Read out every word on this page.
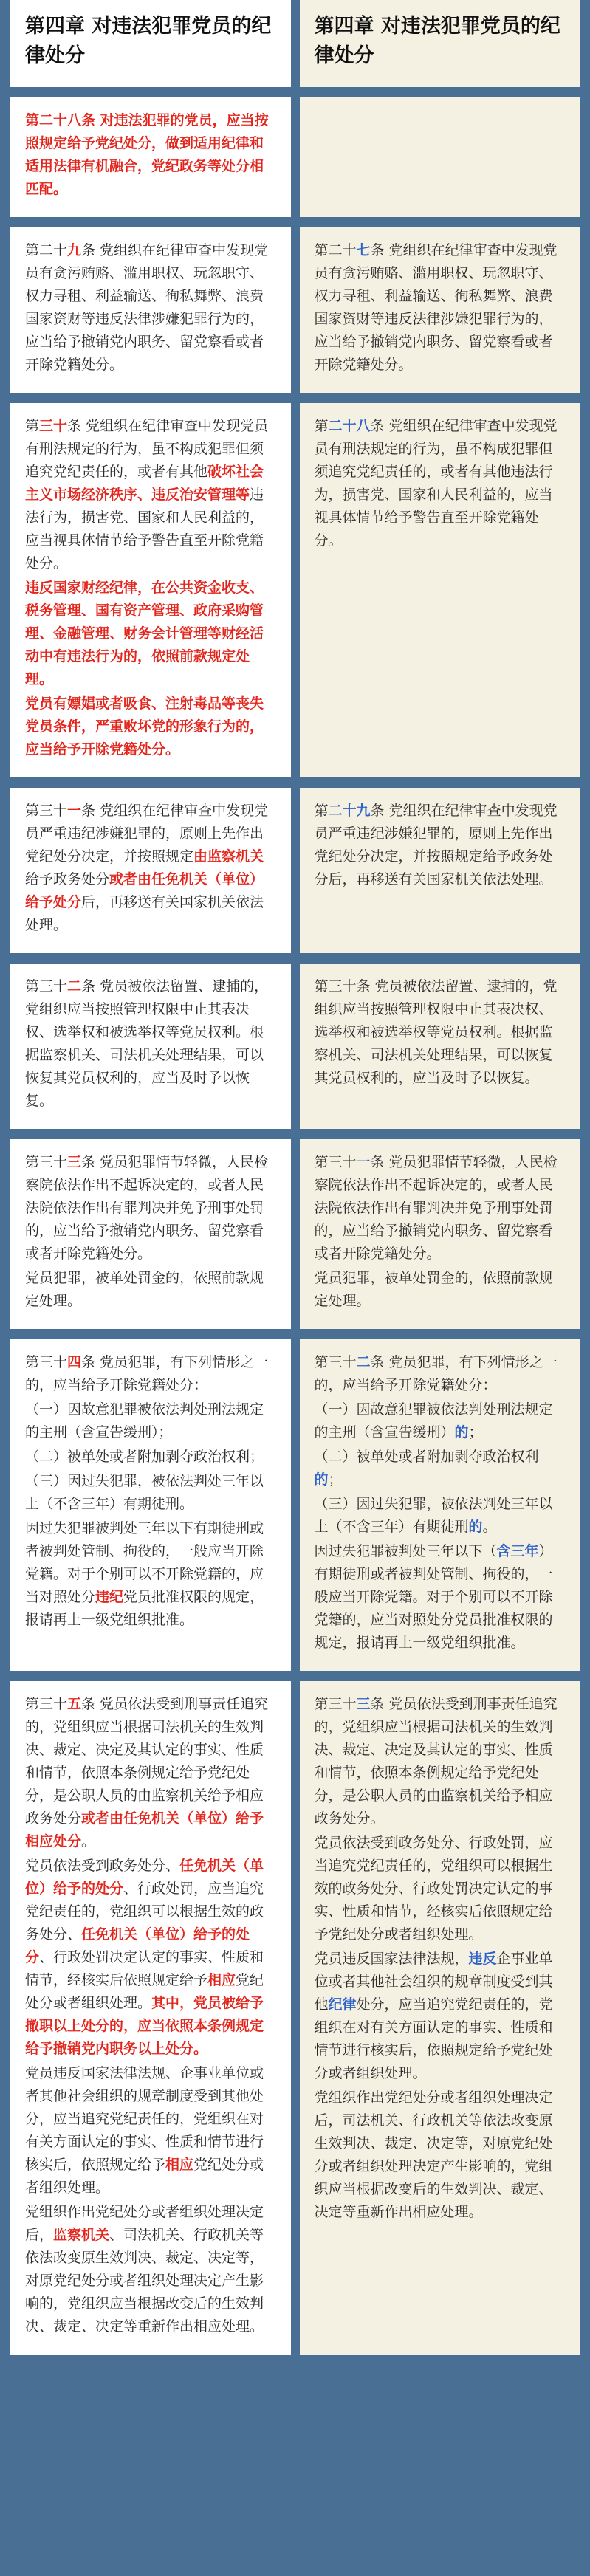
第四章 对违法犯罪党员的纪律处分

第四章 对违法犯罪党员的纪律处分

第二十八条 对违法犯罪的党员，应当按照规定给予党纪处分，做到适用纪律和适用法律有机融合，党纪政务等处分相匹配。

第二十九条 党组织在纪律审查中发现党员有贪污贿赂、滥用职权、玩忽职守、权力寻租、利益输送、徇私舞弊、浪费国家资财等违反法律涉嫌犯罪行为的，应当给予撤销党内职务、留党察看或者开除党籍处分。

第二十七条 党组织在纪律审查中发现党员有贪污贿赂、滥用职权、玩忽职守、权力寻租、利益输送、徇私舞弊、浪费国家资财等违反法律涉嫌犯罪行为的，应当给予撤销党内职务、留党察看或者开除党籍处分。

第三十条 党组织在纪律审查中发现党员有刑法规定的行为，虽不构成犯罪但须追究党纪责任的，或者有其他破坏社会主义市场经济秩序、违反治安管理等违法行为，损害党、国家和人民利益的，应当视具体情节给予警告直至开除党籍处分。

违反国家财经纪律，在公共资金收支、税务管理、国有资产管理、政府采购管理、金融管理、财务会计管理等财经活动中有违法行为的，依照前款规定处理。

党员有嫖娼或者吸食、注射毒品等丧失党员条件，严重败坏党的形象行为的，应当给予开除党籍处分。

第二十八条 党组织在纪律审查中发现党员有刑法规定的行为，虽不构成犯罪但须追究党纪责任的，或者有其他违法行为，损害党、国家和人民利益的，应当视具体情节给予警告直至开除党籍处分。

第三十一条 党组织在纪律审查中发现党员严重违纪涉嫌犯罪的，原则上先作出党纪处分决定，并按照规定由监察机关给予政务处分或者由任免机关（单位）给予处分后，再移送有关国家机关依法处理。

第二十九条 党组织在纪律审查中发现党员严重违纪涉嫌犯罪的，原则上先作出党纪处分决定，并按照规定给予政务处分后，再移送有关国家机关依法处理。

第三十二条 党员被依法留置、逮捕的，党组织应当按照管理权限中止其表决权、选举权和被选举权等党员权利。根据监察机关、司法机关处理结果，可以恢复其党员权利的，应当及时予以恢复。

第三十条 党员被依法留置、逮捕的，党组织应当按照管理权限中止其表决权、选举权和被选举权等党员权利。根据监察机关、司法机关处理结果，可以恢复其党员权利的，应当及时予以恢复。

第三十三条 党员犯罪情节轻微，人民检察院依法作出不起诉决定的，或者人民法院依法作出有罪判决并免予刑事处罚的，应当给予撤销党内职务、留党察看或者开除党籍处分。

党员犯罪，被单处罚金的，依照前款规定处理。

第三十一条 党员犯罪情节轻微，人民检察院依法作出不起诉决定的，或者人民法院依法作出有罪判决并免予刑事处罚的，应当给予撤销党内职务、留党察看或者开除党籍处分。

党员犯罪，被单处罚金的，依照前款规定处理。

第三十四条 党员犯罪，有下列情形之一的，应当给予开除党籍处分：

（一）因故意犯罪被依法判处刑法规定的主刑（含宣告缓刑）；

（二）被单处或者附加剥夺政治权利；

（三）因过失犯罪，被依法判处三年以上（不含三年）有期徒刑。

因过失犯罪被判处三年以下有期徒刑或者被判处管制、拘役的，一般应当开除党籍。对于个别可以不开除党籍的，应当对照处分违纪党员批准权限的规定，报请再上一级党组织批准。

第三十二条 党员犯罪，有下列情形之一的，应当给予开除党籍处分：

（一）因故意犯罪被依法判处刑法规定的主刑（含宣告缓刑）的；

（二）被单处或者附加剥夺政治权利的；

（三）因过失犯罪，被依法判处三年以上（不含三年）有期徒刑的。

因过失犯罪被判处三年以下（含三年）有期徒刑或者被判处管制、拘役的，一般应当开除党籍。对于个别可以不开除党籍的，应当对照处分党员批准权限的规定，报请再上一级党组织批准。

第三十五条 党员依法受到刑事责任追究的，党组织应当根据司法机关的生效判决、裁定、决定及其认定的事实、性质和情节，依照本条例规定给予党纪处分，是公职人员的由监察机关给予相应政务处分或者由任免机关（单位）给予相应处分。

党员依法受到政务处分、任免机关（单位）给予的处分、行政处罚，应当追究党纪责任的，党组织可以根据生效的政务处分、任免机关（单位）给予的处分、行政处罚决定认定的事实、性质和情节，经核实后依照规定给予相应党纪处分或者组织处理。其中，党员被给予撤职以上处分的，应当依照本条例规定给予撤销党内职务以上处分。

党员违反国家法律法规、企事业单位或者其他社会组织的规章制度受到其他处分，应当追究党纪责任的，党组织在对有关方面认定的事实、性质和情节进行核实后，依照规定给予相应党纪处分或者组织处理。

党组织作出党纪处分或者组织处理决定后，监察机关、司法机关、行政机关等依法改变原生效判决、裁定、决定等，对原党纪处分或者组织处理决定产生影响的，党组织应当根据改变后的生效判决、裁定、决定等重新作出相应处理。

第三十三条 党员依法受到刑事责任追究的，党组织应当根据司法机关的生效判决、裁定、决定及其认定的事实、性质和情节，依照本条例规定给予党纪处分，是公职人员的由监察机关给予相应政务处分。

党员依法受到政务处分、行政处罚，应当追究党纪责任的，党组织可以根据生效的政务处分、行政处罚决定认定的事实、性质和情节，经核实后依照规定给予党纪处分或者组织处理。

党员违反国家法律法规，违反企事业单位或者其他社会组织的规章制度受到其他纪律处分，应当追究党纪责任的，党组织在对有关方面认定的事实、性质和情节进行核实后，依照规定给予党纪处分或者组织处理。

党组织作出党纪处分或者组织处理决定后，司法机关、行政机关等依法改变原生效判决、裁定、决定等，对原党纪处分或者组织处理决定产生影响的，党组织应当根据改变后的生效判决、裁定、决定等重新作出相应处理。
